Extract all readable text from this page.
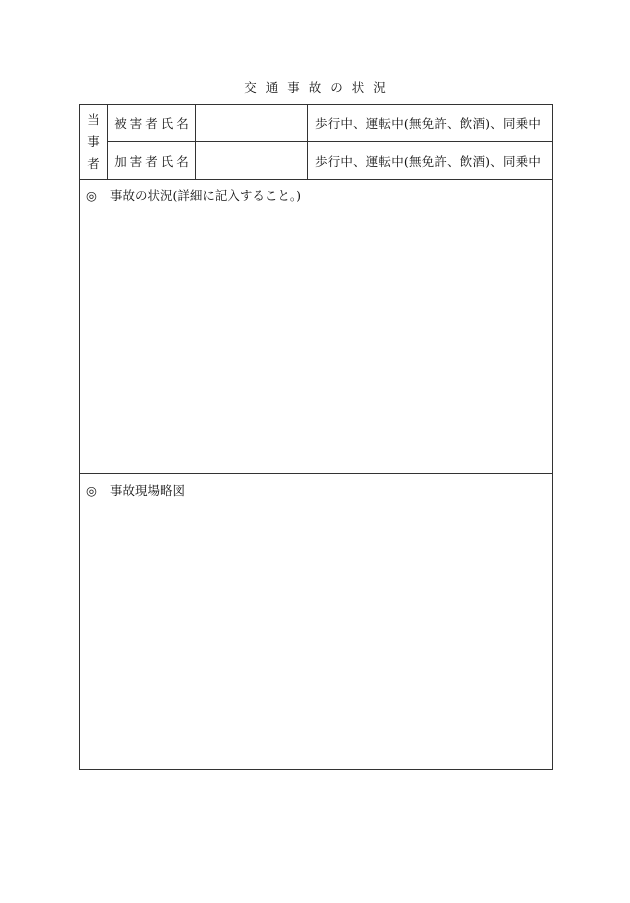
交通事故の状況
当
事
者
被害者氏名	歩行中、運転中(無免許、飲酒)、同乗中
加害者氏名	歩行中、運転中(無免許、飲酒)、同乗中
◎	事故の状況(詳細に記入すること。)
◎	事故現場略図
